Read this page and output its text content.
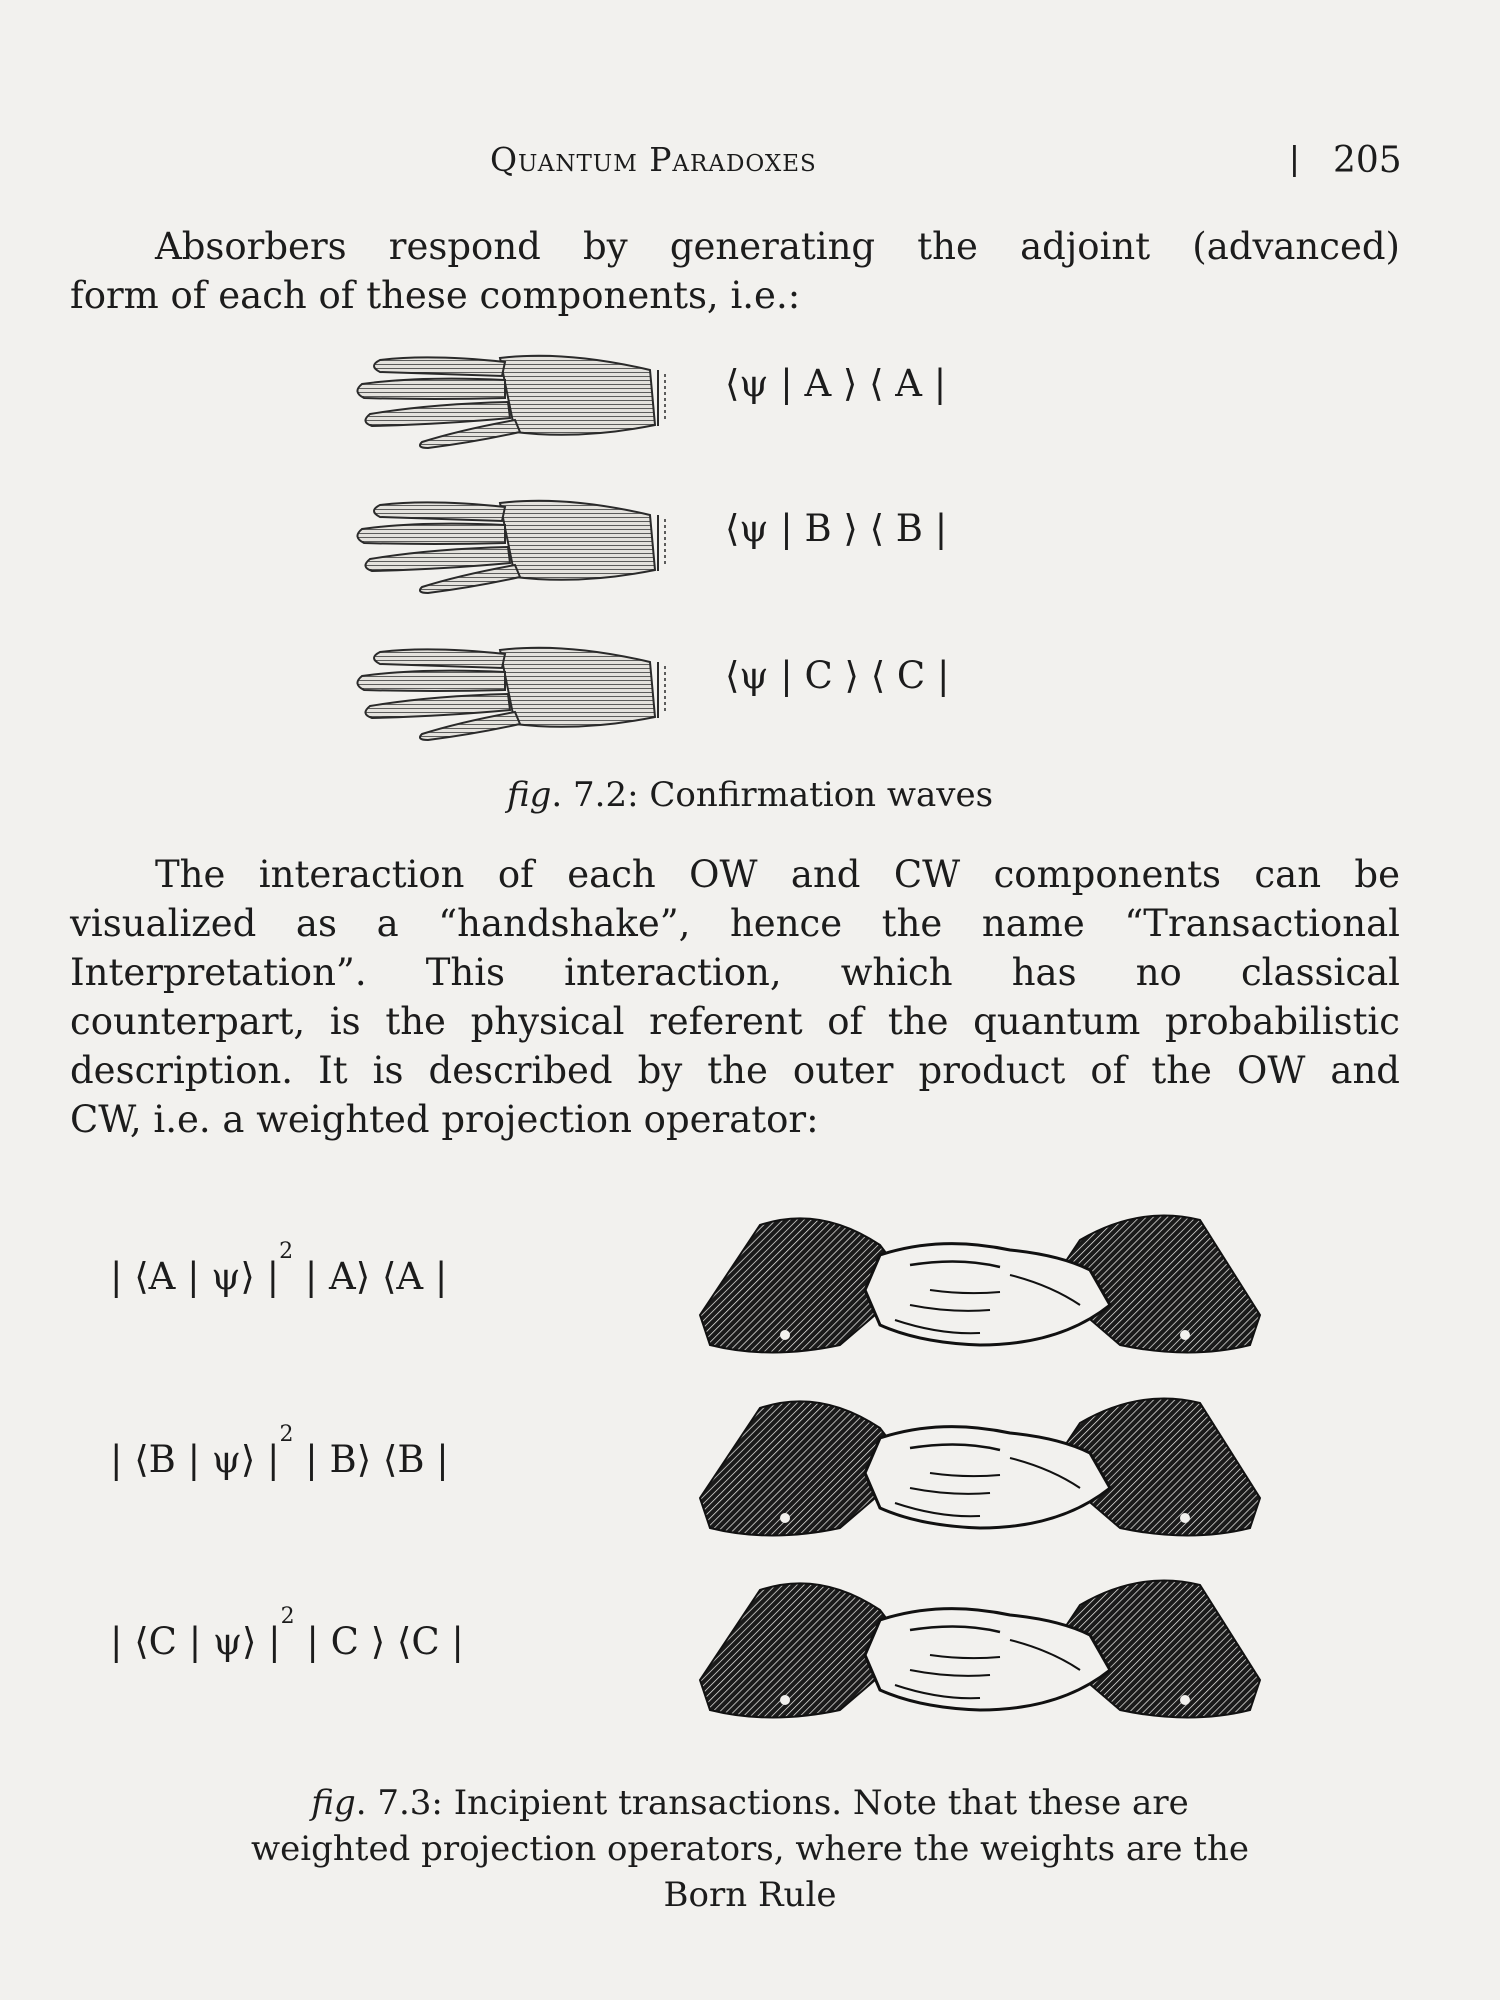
Quantum Paradoxes	| 205
Absorbers respond by generating the adjoint (advanced)
form of each of these components, i.e.:
⟨ψ | A ⟩ ⟨ A |
⟨ψ | B ⟩ ⟨ B |
⟨ψ | C ⟩ ⟨ C |
fig. 7.2: Confirmation waves
The interaction of each OW and CW components can be
visualized as a “handshake”, hence the name “Transactional
Interpretation”. This interaction, which has no classical
counterpart, is the physical referent of the quantum probabilistic
description. It is described by the outer product of the OW and
CW, i.e. a weighted projection operator:
| ⟨A | ψ⟩ $|^2$ | A⟩ ⟨A |
| ⟨B | ψ⟩ $|^2$ | B⟩ ⟨B |
| ⟨C | ψ⟩ $|^2$ | C ⟩ ⟨C |
fig. 7.3: Incipient transactions. Note that these are
weighted projection operators, where the weights are the
Born Rule
